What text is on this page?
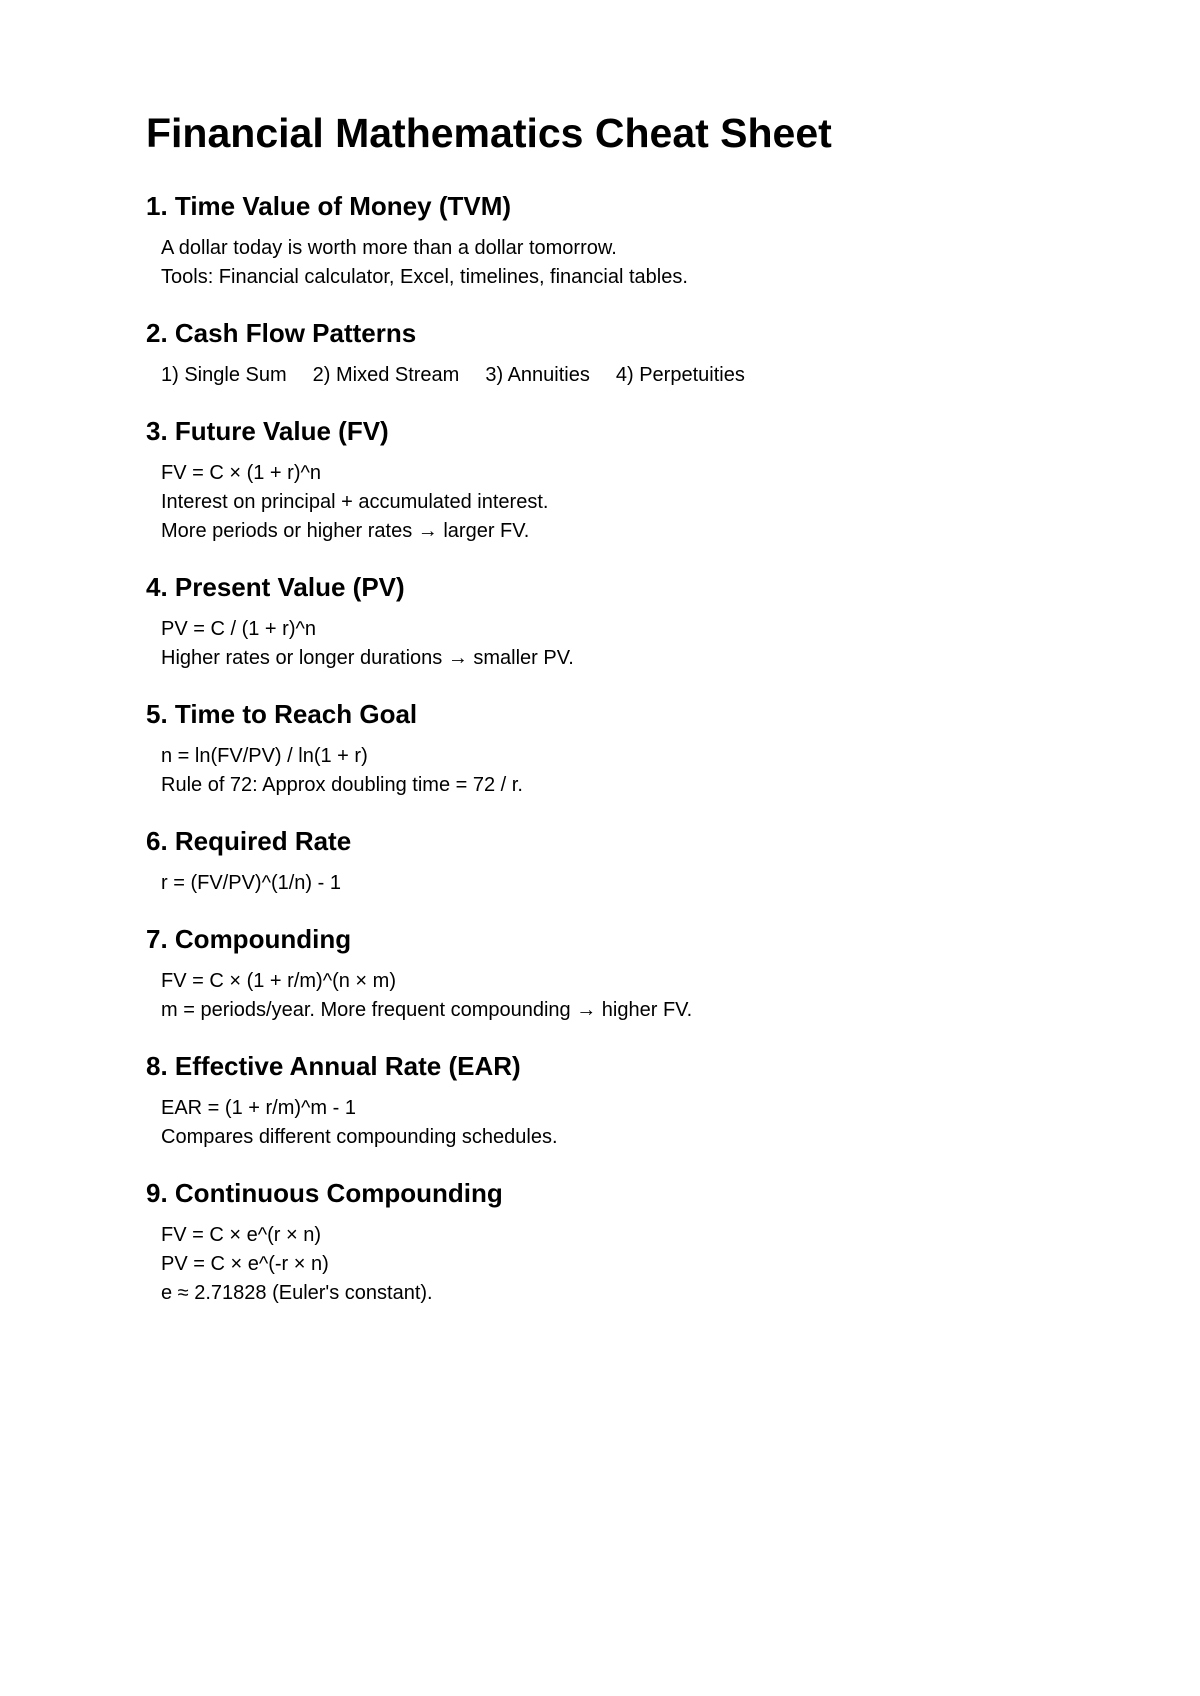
Financial Mathematics Cheat Sheet
1. Time Value of Money (TVM)
A dollar today is worth more than a dollar tomorrow.
Tools: Financial calculator, Excel, timelines, financial tables.
2. Cash Flow Patterns
1) Single Sum 2) Mixed Stream 3) Annuities 4) Perpetuities
3. Future Value (FV)
FV = C × (1 + r)^n
Interest on principal + accumulated interest.
More periods or higher rates → larger FV.
4. Present Value (PV)
PV = C / (1 + r)^n
Higher rates or longer durations → smaller PV.
5. Time to Reach Goal
n = ln(FV/PV) / ln(1 + r)
Rule of 72: Approx doubling time = 72 / r.
6. Required Rate
r = (FV/PV)^(1/n) - 1
7. Compounding
FV = C × (1 + r/m)^(n × m)
m = periods/year. More frequent compounding → higher FV.
8. Effective Annual Rate (EAR)
EAR = (1 + r/m)^m - 1
Compares different compounding schedules.
9. Continuous Compounding
FV = C × e^(r × n)
PV = C × e^(-r × n)
e ≈ 2.71828 (Euler's constant).
